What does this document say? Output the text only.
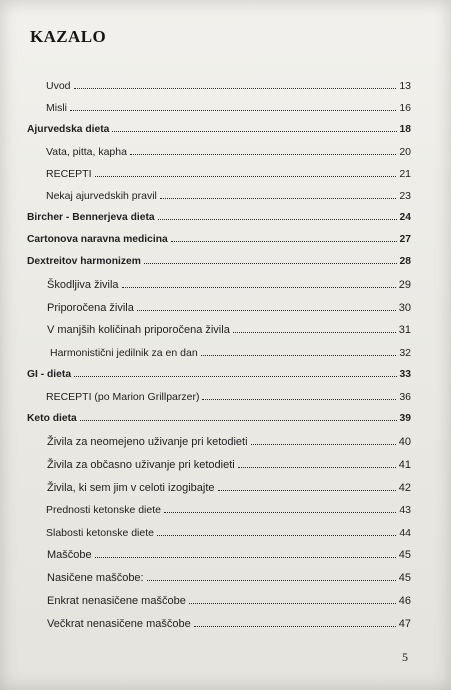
KAZALO
Uvod	13
Misli	16
Ajurvedska dieta	18
Vata, pitta, kapha	20
RECEPTI	21
Nekaj ajurvedskih pravil	23
Bircher - Bennerjeva dieta	24
Cartonova naravna medicina	27
Dextreitov harmonizem	28
Škodljiva živila	29
Priporočena živila	30
V manjših količinah priporočena živila	31
Harmonistični jedilnik za en dan	32
GI - dieta	33
RECEPTI (po Marion Grillparzer)	36
Keto dieta	39
Živila za neomejeno uživanje pri ketodieti	40
Živila za občasno uživanje pri ketodieti	41
Živila, ki sem jim v celoti izogibajte	42
Prednosti ketonske diete	43
Slabosti ketonske diete	44
Maščobe	45
Nasičene maščobe:	45
Enkrat nenasičene maščobe	46
Večkrat nenasičene maščobe	47
5
